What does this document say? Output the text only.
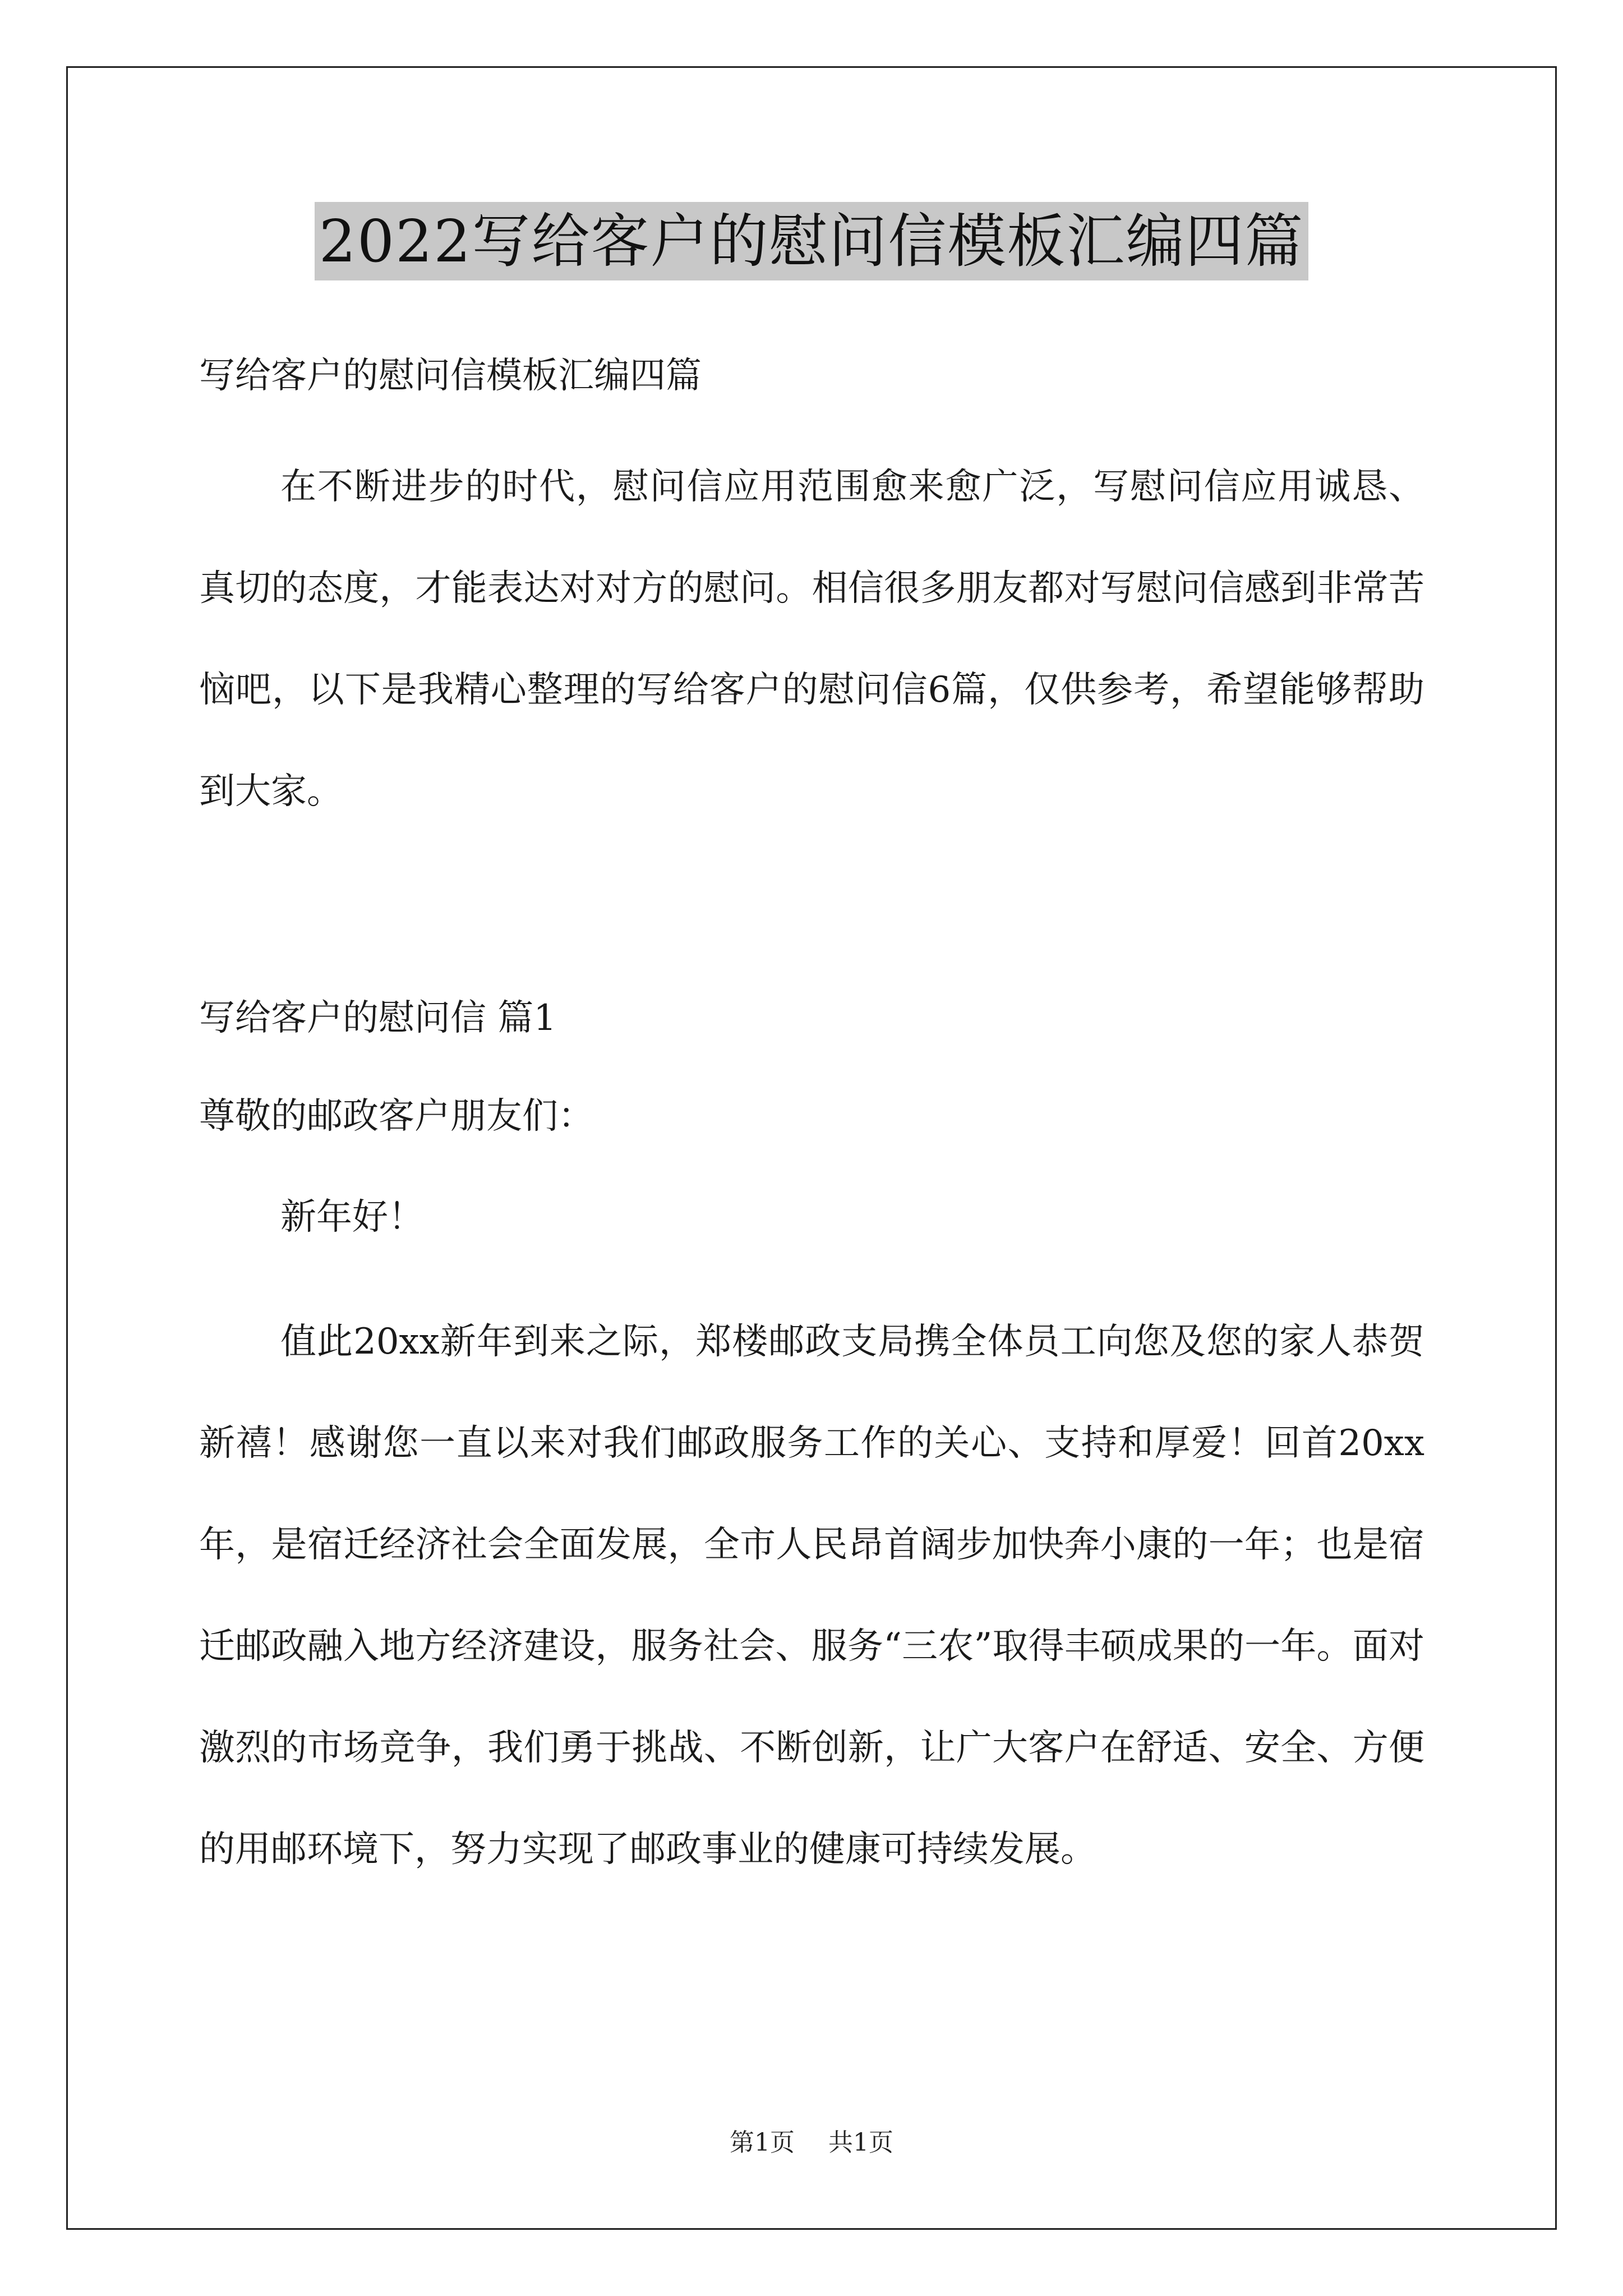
2022写给客户的慰问信模板汇编四篇
写给客户的慰问信模板汇编四篇

在不断进步的时代，慰问信应用范围愈来愈广泛，写慰问信应用诚恳、真切的态度，才能表达对对方的慰问。相信很多朋友都对写慰问信感到非常苦恼吧，以下是我精心整理的写给客户的慰问信6篇，仅供参考，希望能够帮助到大家。

写给客户的慰问信 篇1
尊敬的邮政客户朋友们：
新年好！

值此20xx新年到来之际，郑楼邮政支局携全体员工向您及您的家人恭贺新禧！感谢您一直以来对我们邮政服务工作的关心、支持和厚爱！回首20xx年，是宿迁经济社会全面发展，全市人民昂首阔步加快奔小康的一年；也是宿迁邮政融入地方经济建设，服务社会、服务“三农”取得丰硕成果的一年。面对激烈的市场竞争，我们勇于挑战、不断创新，让广大客户在舒适、安全、方便的用邮环境下，努力实现了邮政事业的健康可持续发展。

第1页 共1页
